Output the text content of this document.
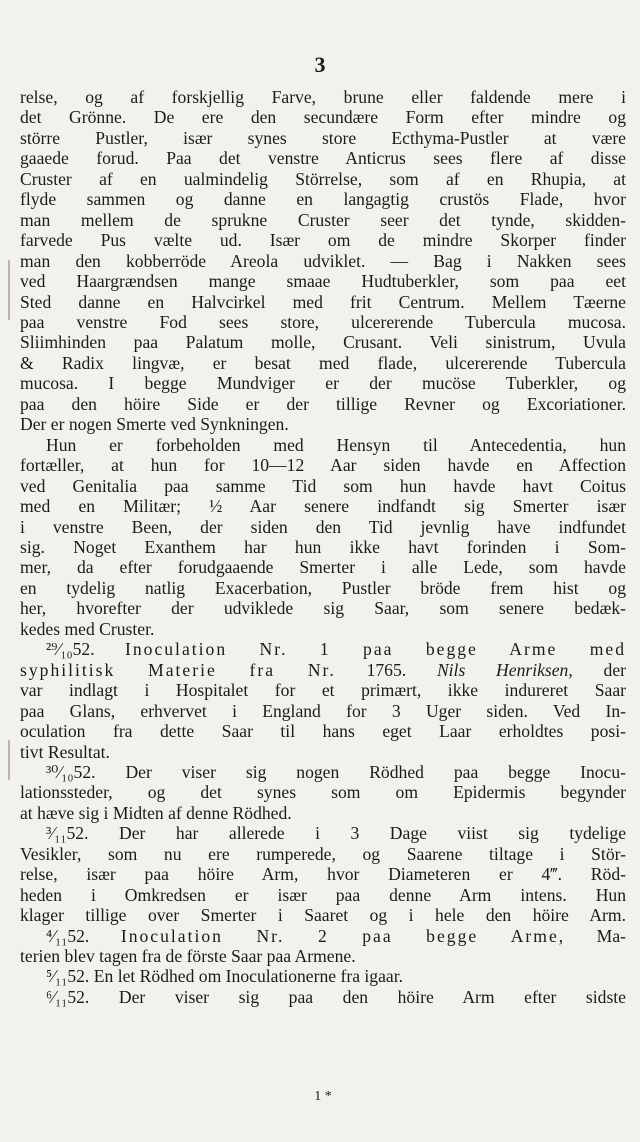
3
relse, og af forskjellig Farve, brune eller faldende mere i
det Grönne. De ere den secundære Form efter mindre og
större Pustler, især synes store Ecthyma-Pustler at være
gaaede forud. Paa det venstre Anticrus sees flere af disse
Cruster af en ualmindelig Störrelse, som af en Rhupia, at
flyde sammen og danne en langagtig crustös Flade, hvor
man mellem de sprukne Cruster seer det tynde, skidden-
farvede Pus vælte ud. Især om de mindre Skorper finder
man den kobberröde Areola udviklet. — Bag i Nakken sees
ved Haargrændsen mange smaae Hudtuberkler, som paa eet
Sted danne en Halvcirkel med frit Centrum. Mellem Tæerne
paa venstre Fod sees store, ulcererende Tubercula mucosa.
Sliimhinden paa Palatum molle, Crusant. Veli sinistrum, Uvula
& Radix lingvæ, er besat med flade, ulcererende Tubercula
mucosa. I begge Mundviger er der mucöse Tuberkler, og
paa den höire Side er der tillige Revner og Excoriationer.
Der er nogen Smerte ved Synkningen.
Hun er forbeholden med Hensyn til Antecedentia, hun
fortæller, at hun for 10—12 Aar siden havde en Affection
ved Genitalia paa samme Tid som hun havde havt Coitus
med en Militær; ½ Aar senere indfandt sig Smerter især
i venstre Been, der siden den Tid jevnlig have indfundet
sig. Noget Exanthem har hun ikke havt forinden i Som-
mer, da efter forudgaaende Smerter i alle Lede, som havde
en tydelig natlig Exacerbation, Pustler bröde frem hist og
her, hvorefter der udviklede sig Saar, som senere bedæk-
kedes med Cruster.
²⁹⁄₁₀52. Inoculation Nr. 1 paa begge Arme med
syphilitisk Materie fra Nr. 1765. Nils Henriksen, der
var indlagt i Hospitalet for et primært, ikke indureret Saar
paa Glans, erhvervet i England for 3 Uger siden. Ved In-
oculation fra dette Saar til hans eget Laar erholdtes posi-
tivt Resultat.
³⁰⁄₁₀52. Der viser sig nogen Rödhed paa begge Inocu-
lationssteder, og det synes som om Epidermis begynder
at hæve sig i Midten af denne Rödhed.
³⁄₁₁52. Der har allerede i 3 Dage viist sig tydelige
Vesikler, som nu ere rumperede, og Saarene tiltage i Stör-
relse, især paa höire Arm, hvor Diameteren er 4‴. Röd-
heden i Omkredsen er især paa denne Arm intens. Hun
klager tillige over Smerter i Saaret og i hele den höire Arm.
⁴⁄₁₁52. Inoculation Nr. 2 paa begge Arme, Ma-
terien blev tagen fra de förste Saar paa Armene.
⁵⁄₁₁52. En let Rödhed om Inoculationerne fra igaar.
⁶⁄₁₁52. Der viser sig paa den höire Arm efter sidste
1 *
